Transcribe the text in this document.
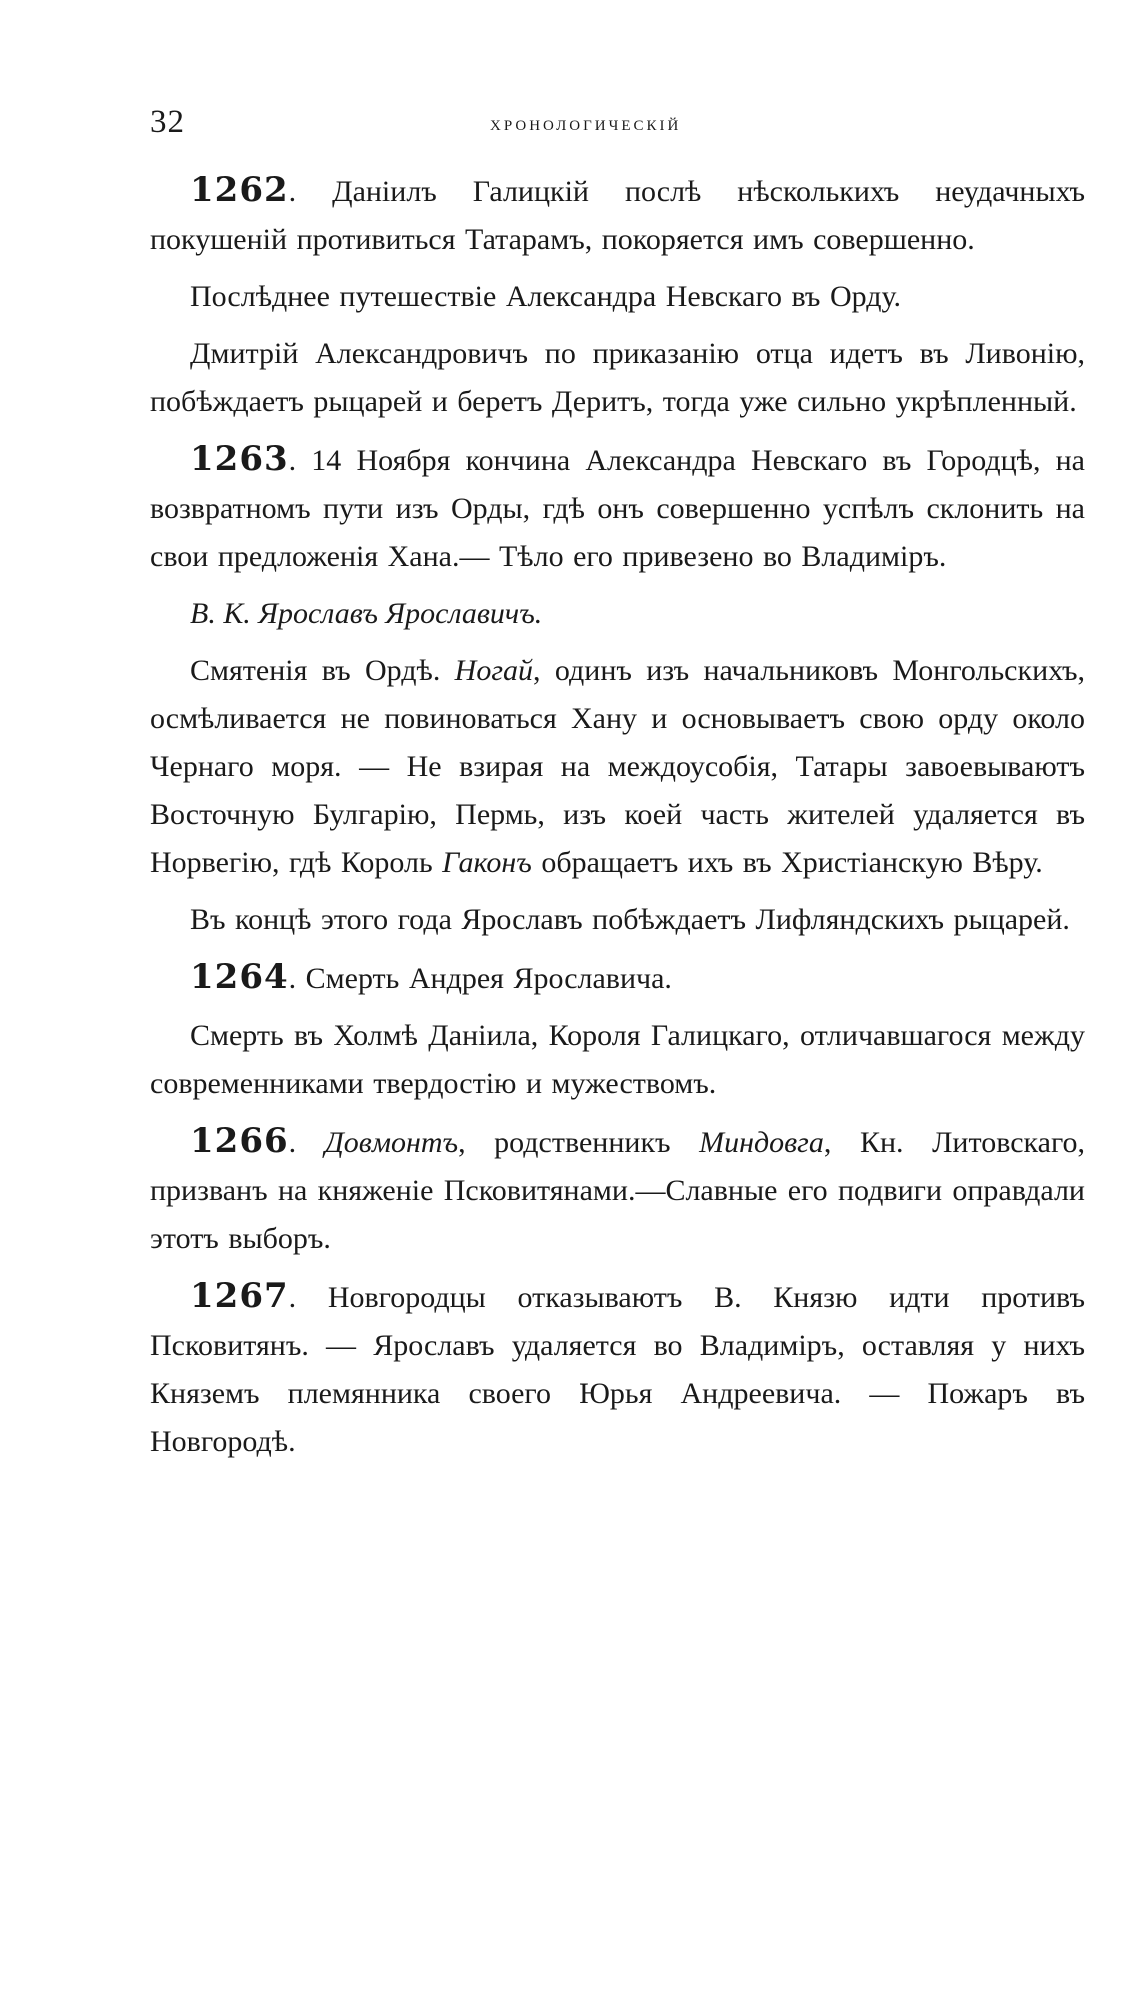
32	хронологическій

1262. Даніилъ Галицкій послѣ нѣсколькихъ неудачныхъ покушеній противиться Татарамъ, покоряется имъ совершенно.

Послѣднее путешествіе Александра Невскаго въ Орду.

Дмитрій Александровичъ по приказанію отца идетъ въ Ливонію, побѣждаетъ рыцарей и беретъ Деритъ, тогда уже сильно укрѣпленный.

1263. 14 Ноября кончина Александра Невскаго въ Городцѣ, на возвратномъ пути изъ Орды, гдѣ онъ совершенно успѣлъ склонить на свои предложенія Хана.— Тѣло его привезено во Владиміръ.

В. К. Ярославъ Ярославичъ.

Смятенія въ Ордѣ. Ногай, одинъ изъ начальниковъ Монгольскихъ, осмѣливается не повиноваться Хану и основываетъ свою орду около Чернаго моря. — Не взирая на междоусобія, Татары завоевываютъ Восточную Булгарію, Пермь, изъ коей часть жителей удаляется въ Норвегію, гдѣ Король Гаконъ обращаетъ ихъ въ Христіанскую Вѣру.

Въ концѣ этого года Ярославъ побѣждаетъ Лифляндскихъ рыцарей.

1264. Смерть Андрея Ярославича.

Смерть въ Холмѣ Даніила, Короля Галицкаго, отличавшагося между современниками твердостію и мужествомъ.

1266. Довмонтъ, родственникъ Миндовга, Кн. Литовскаго, призванъ на княженіе Псковитянами.—Славные его подвиги оправдали этотъ выборъ.

1267. Новгородцы отказываютъ В. Князю идти противъ Псковитянъ. — Ярославъ удаляется во Владиміръ, оставляя у нихъ Княземъ племянника своего Юрья Андреевича. — Пожаръ въ Новгородѣ.
